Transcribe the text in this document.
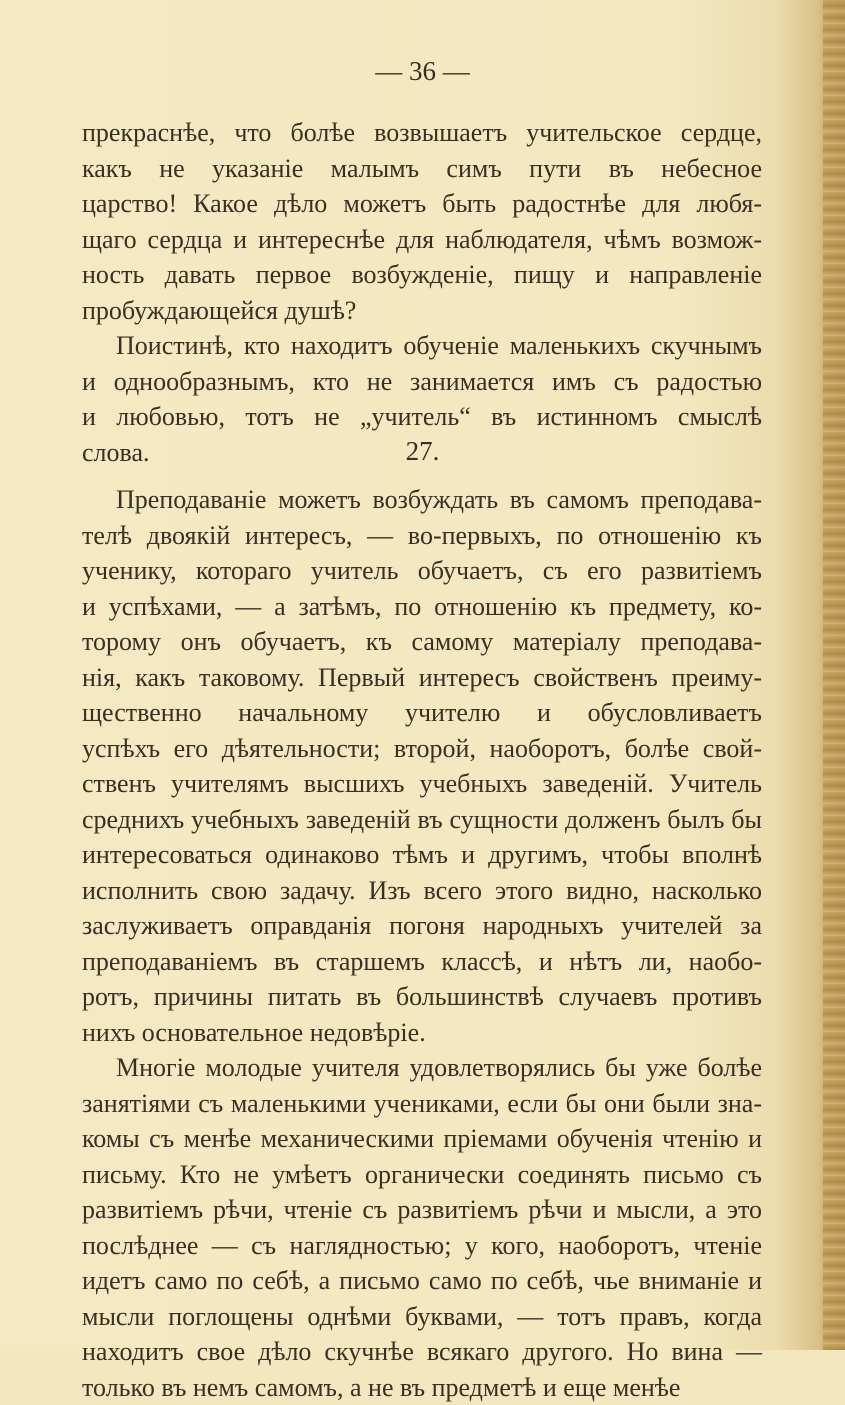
— 36 —

прекраснѣе, что болѣе возвышаетъ учительское сердце,
какъ не указаніе малымъ симъ пути въ небесное
царство! Какое дѣло можетъ быть радостнѣе для любя-
щаго сердца и интереснѣе для наблюдателя, чѣмъ возмож-
ность давать первое возбужденіе, пищу и направленіе
пробуждающейся душѣ?
Поистинѣ, кто находитъ обученіе маленькихъ скучнымъ
и однообразнымъ, кто не занимается имъ съ радостью
и любовью, тотъ не „учитель“ въ истинномъ смыслѣ
слова.
Преподаваніе можетъ возбуждать въ самомъ преподава-
телѣ двоякій интересъ, — во-первыхъ, по отношенію къ
ученику, котораго учитель обучаетъ, съ его развитіемъ
и успѣхами, — а затѣмъ, по отношенію къ предмету, ко-
торому онъ обучаетъ, къ самому матеріалу преподава-
нія, какъ таковому. Первый интересъ свойственъ преиму-
щественно начальному учителю и обусловливаетъ
успѣхъ его дѣятельности; второй, наоборотъ, болѣе свой-
ственъ учителямъ высшихъ учебныхъ заведеній. Учитель
среднихъ учебныхъ заведеній въ сущности долженъ былъ бы
интересоваться одинаково тѣмъ и другимъ, чтобы вполнѣ
исполнить свою задачу. Изъ всего этого видно, насколько
заслуживаетъ оправданія погоня народныхъ учителей за
преподаваніемъ въ старшемъ классѣ, и нѣтъ ли, наобо-
ротъ, причины питать въ большинствѣ случаевъ противъ
нихъ основательное недовѣріе.
Многіе молодые учителя удовлетворялись бы уже болѣе
занятіями съ маленькими учениками, если бы они были зна-
комы съ менѣе механическими пріемами обученія чтенію и
письму. Кто не умѣетъ органически соединять письмо съ
развитіемъ рѣчи, чтеніе съ развитіемъ рѣчи и мысли, а это
послѣднее — съ наглядностью; у кого, наоборотъ, чтеніе
идетъ само по себѣ, а письмо само по себѣ, чье вниманіе и
мысли поглощены однѣми буквами, — тотъ правъ, когда
находитъ свое дѣло скучнѣе всякаго другого. Но вина —
только въ немъ самомъ, а не въ предметѣ и еще менѣе
27.
